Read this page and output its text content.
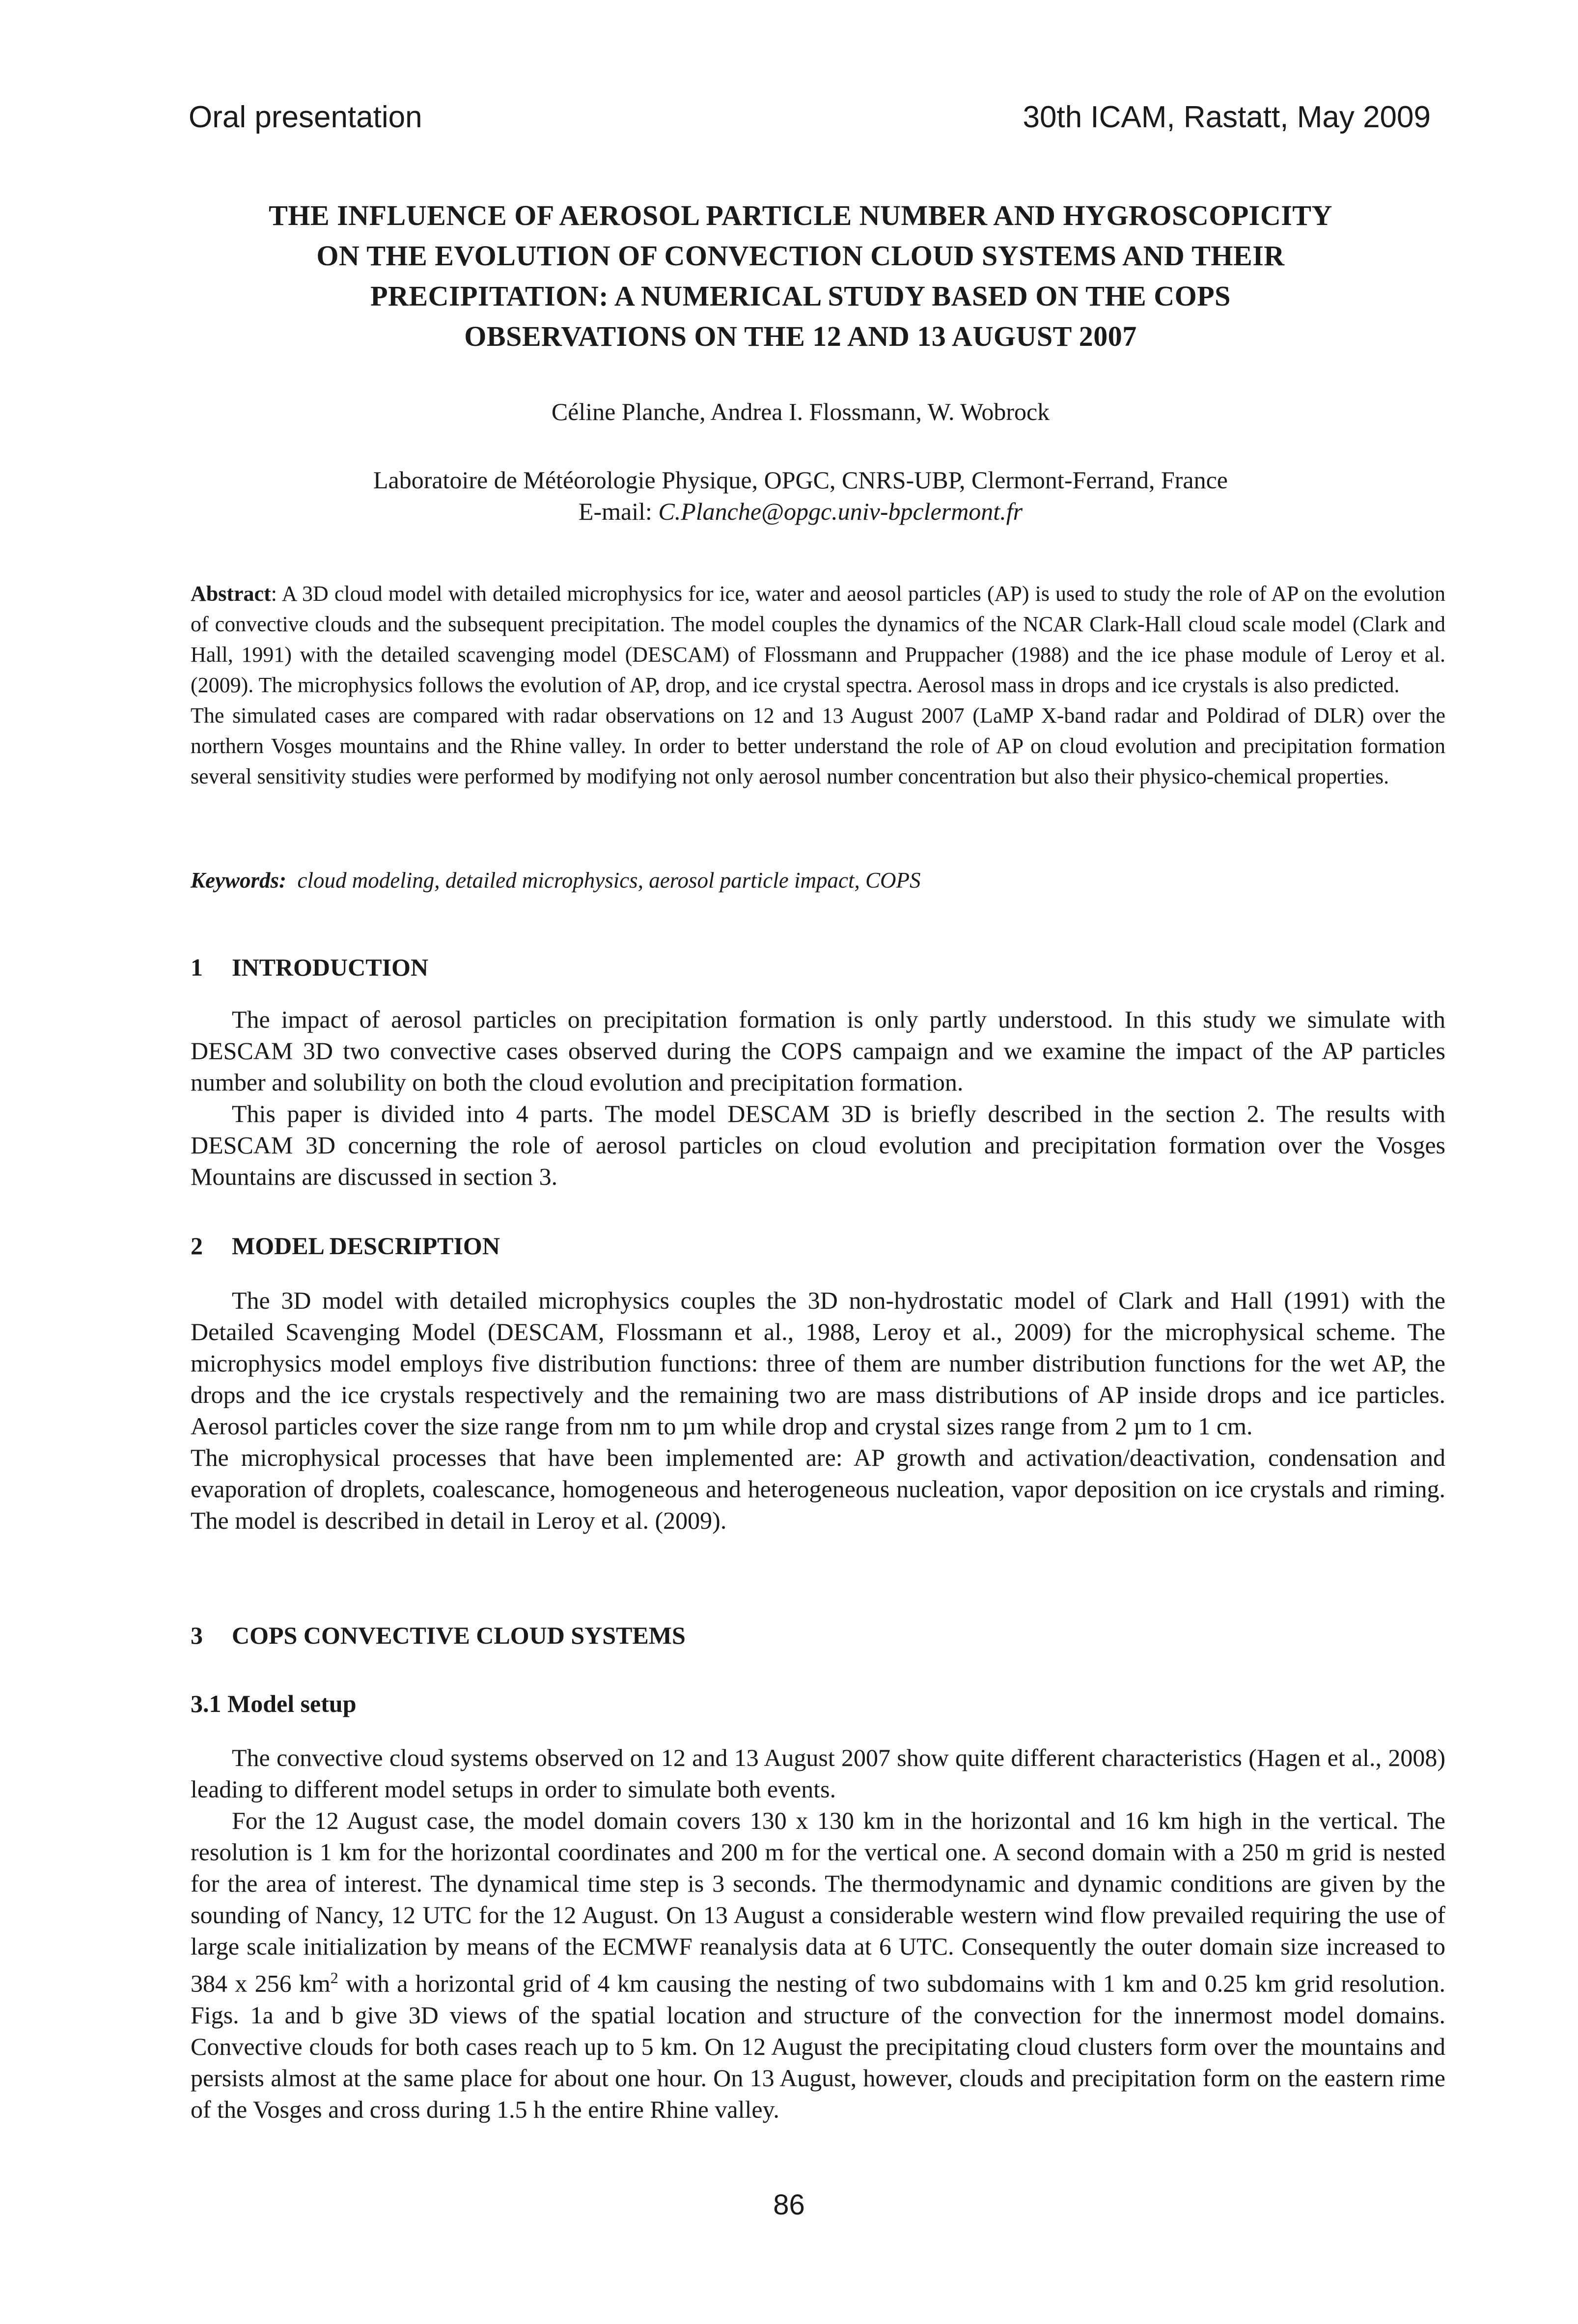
Oral presentation	30th ICAM, Rastatt, May 2009
THE INFLUENCE OF AEROSOL PARTICLE NUMBER AND HYGROSCOPICITY
ON THE EVOLUTION OF CONVECTION CLOUD SYSTEMS AND THEIR
PRECIPITATION: A NUMERICAL STUDY BASED ON THE COPS
OBSERVATIONS ON THE 12 AND 13 AUGUST 2007
Céline Planche, Andrea I. Flossmann, W. Wobrock
Laboratoire de Météorologie Physique, OPGC, CNRS-UBP, Clermont-Ferrand, France
E-mail: C.Planche@opgc.univ-bpclermont.fr

Abstract: A 3D cloud model with detailed microphysics for ice, water and aeosol particles (AP) is used to study the role of AP on the evolution of convective clouds and the subsequent precipitation. The model couples the dynamics of the NCAR Clark-Hall cloud scale model (Clark and Hall, 1991) with the detailed scavenging model (DESCAM) of Flossmann and Pruppacher (1988) and the ice phase module of Leroy et al. (2009). The microphysics follows the evolution of AP, drop, and ice crystal spectra. Aerosol mass in drops and ice crystals is also predicted.

The simulated cases are compared with radar observations on 12 and 13 August 2007 (LaMP X-band radar and Poldirad of DLR) over the northern Vosges mountains and the Rhine valley. In order to better understand the role of AP on cloud evolution and precipitation formation several sensitivity studies were performed by modifying not only aerosol number concentration but also their physico-chemical properties.

Keywords: cloud modeling, detailed microphysics, aerosol particle impact, COPS
1 INTRODUCTION

The impact of aerosol particles on precipitation formation is only partly understood. In this study we simulate with DESCAM 3D two convective cases observed during the COPS campaign and we examine the impact of the AP particles number and solubility on both the cloud evolution and precipitation formation.

This paper is divided into 4 parts. The model DESCAM 3D is briefly described in the section 2. The results with DESCAM 3D concerning the role of aerosol particles on cloud evolution and precipitation formation over the Vosges Mountains are discussed in section 3.

2 MODEL DESCRIPTION

The 3D model with detailed microphysics couples the 3D non-hydrostatic model of Clark and Hall (1991) with the Detailed Scavenging Model (DESCAM, Flossmann et al., 1988, Leroy et al., 2009) for the microphysical scheme. The microphysics model employs five distribution functions: three of them are number distribution functions for the wet AP, the drops and the ice crystals respectively and the remaining two are mass distributions of AP inside drops and ice particles. Aerosol particles cover the size range from nm to µm while drop and crystal sizes range from 2 µm to 1 cm.

The microphysical processes that have been implemented are: AP growth and activation/deactivation, condensation and evaporation of droplets, coalescance, homogeneous and heterogeneous nucleation, vapor deposition on ice crystals and riming. The model is described in detail in Leroy et al. (2009).

3 COPS CONVECTIVE CLOUD SYSTEMS
3.1 Model setup

The convective cloud systems observed on 12 and 13 August 2007 show quite different characteristics (Hagen et al., 2008) leading to different model setups in order to simulate both events.

For the 12 August case, the model domain covers 130 x 130 km in the horizontal and 16 km high in the vertical. The resolution is 1 km for the horizontal coordinates and 200 m for the vertical one. A second domain with a 250 m grid is nested for the area of interest. The dynamical time step is 3 seconds. The thermodynamic and dynamic conditions are given by the sounding of Nancy, 12 UTC for the 12 August. On 13 August a considerable western wind flow prevailed requiring the use of large scale initialization by means of the ECMWF reanalysis data at 6 UTC. Consequently the outer domain size increased to 384 x 256 $km^2$ with a horizontal grid of 4 km causing the nesting of two subdomains with 1 km and 0.25 km grid resolution. Figs. 1a and b give 3D views of the spatial location and structure of the convection for the innermost model domains. Convective clouds for both cases reach up to 5 km. On 12 August the precipitating cloud clusters form over the mountains and persists almost at the same place for about one hour. On 13 August, however, clouds and precipitation form on the eastern rime of the Vosges and cross during 1.5 h the entire Rhine valley.

86
